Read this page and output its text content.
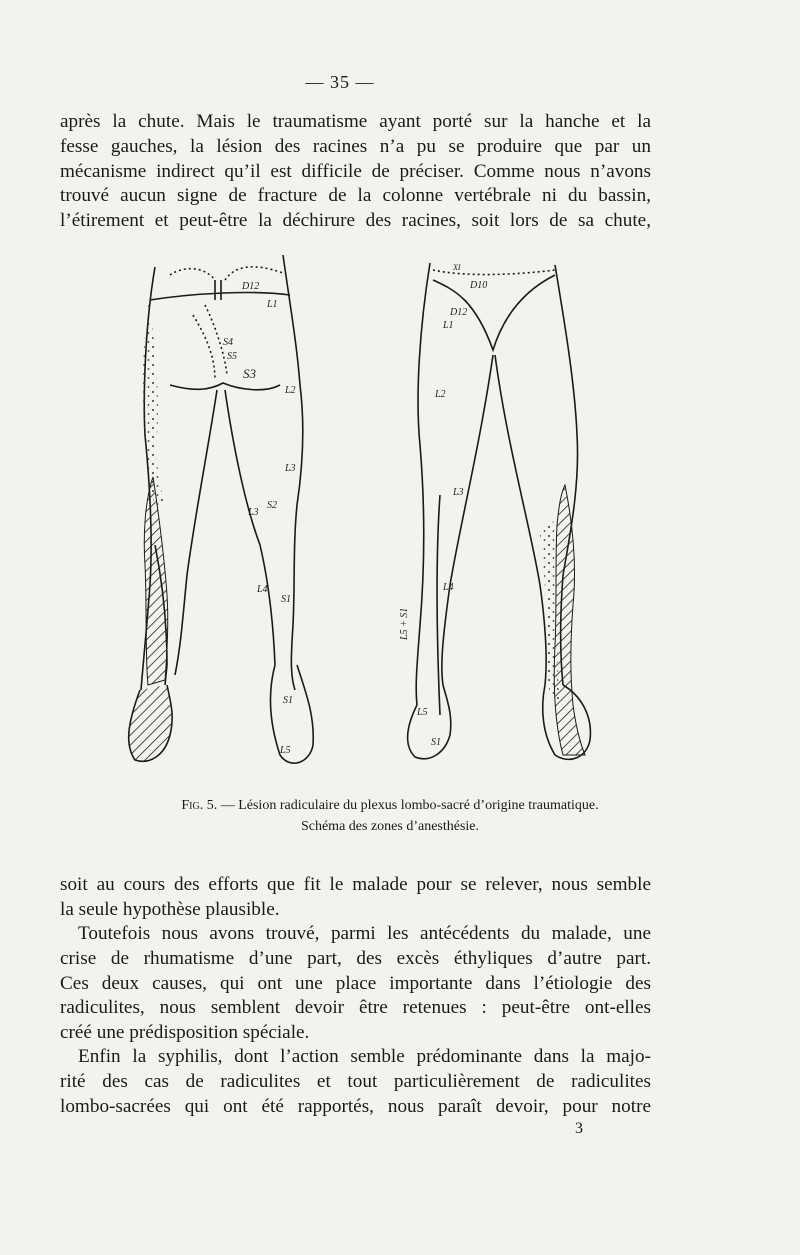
— 35 —

après la chute. Mais le traumatisme ayant porté sur la hanche et la
fesse gauches, la lésion des racines n’a pu se produire que par un
mécanisme indirect qu’il est difficile de préciser. Comme nous n’avons
trouvé aucun signe de fracture de la colonne vertébrale ni du bassin,
l’étirement et peut-être la déchirure des racines, soit lors de sa chute,

D12
L1
S4
S5
S3
L2
L3
S2
L3
L4
S1
S1
L5
XI
D10
D12
L1
L2
L3
L4
L5 + S1
L5
S1
Fig. 5. — Lésion radiculaire du plexus lombo-sacré d’origine traumatique.
Schéma des zones d’anesthésie.

soit au cours des efforts que fit le malade pour se relever, nous semble
la seule hypothèse plausible.

Toutefois nous avons trouvé, parmi les antécédents du malade, une
crise de rhumatisme d’une part, des excès éthyliques d’autre part.
Ces deux causes, qui ont une place importante dans l’étiologie des
radiculites, nous semblent devoir être retenues : peut-être ont-elles
créé une prédisposition spéciale.

Enfin la syphilis, dont l’action semble prédominante dans la majo-
rité des cas de radiculites et tout particulièrement de radiculites
lombo-sacrées qui ont été rapportés, nous paraît devoir, pour notre

3
